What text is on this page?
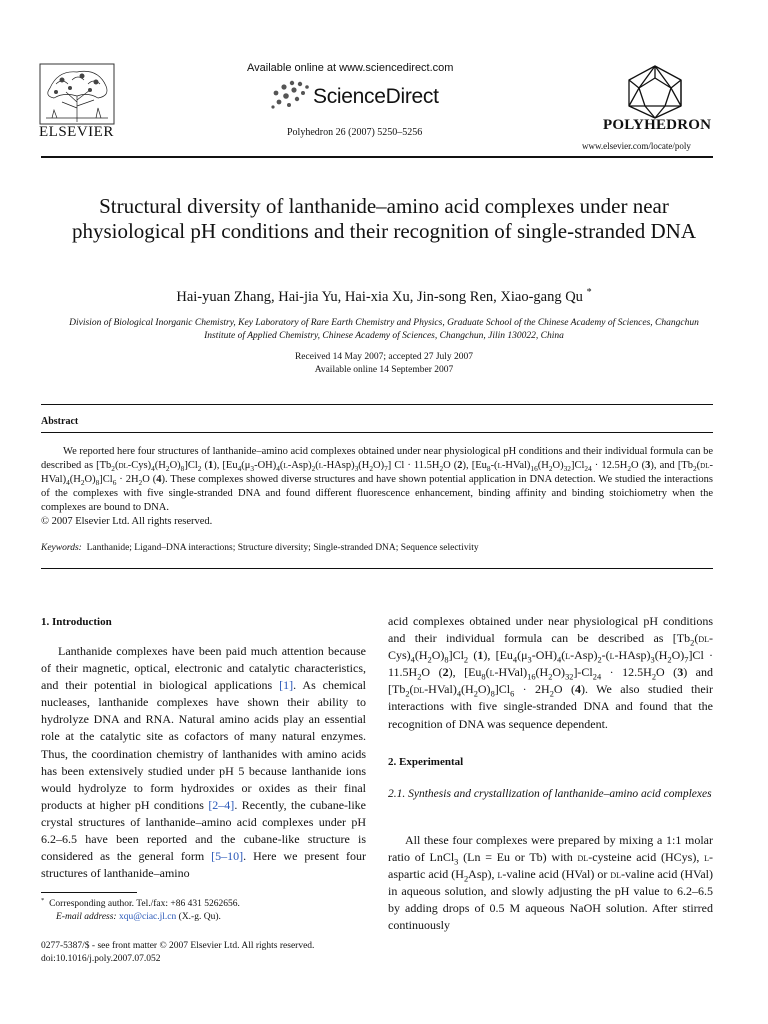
ELSEVIER
Available online at www.sciencedirect.com
ScienceDirect
Polyhedron 26 (2007) 5250–5256	POLYHEDRON
www.elsevier.com/locate/poly
Structural diversity of lanthanide–amino acid complexes under near physiological pH conditions and their recognition of single-stranded DNA
Hai-yuan Zhang, Hai-jia Yu, Hai-xia Xu, Jin-song Ren, Xiao-gang Qu *
Division of Biological Inorganic Chemistry, Key Laboratory of Rare Earth Chemistry and Physics, Graduate School of the Chinese Academy of Sciences, Changchun Institute of Applied Chemistry, Chinese Academy of Sciences, Changchun, Jilin 130022, China
Received 14 May 2007; accepted 27 July 2007
Available online 14 September 2007
Abstract
We reported here four structures of lanthanide–amino acid complexes obtained under near physiological pH conditions and their individual formula can be described as $[Tb_2(dl-Cys)_4(H_2O)_8]Cl_2$ (1), $[Eu_4(\mu_3-OH)_4(l-Asp)_2(l-HAsp)_3(H_2O)_7] Cl \cdot 11.5H_2O$ (2), $[Eu_8-(l-HVal)_{16}(H_2O)_{32}]Cl_{24} \cdot 12.5H_2O$ (3), and $[Tb_2(dl-HVal)_4(H_2O)_8]Cl_6 \cdot 2H_2O$ (4). These complexes showed diverse structures and have shown potential application in DNA detection. We studied the interactions of the complexes with five single-stranded DNA and found different fluorescence enhancement, binding affinity and binding stoichiometry when the complexes are bound to DNA.
© 2007 Elsevier Ltd. All rights reserved.
Keywords: Lanthanide; Ligand–DNA interactions; Structure diversity; Single-stranded DNA; Sequence selectivity
1. Introduction
Lanthanide complexes have been paid much attention because of their magnetic, optical, electronic and catalytic characteristics, and their potential in biological applications [1]. As chemical nucleases, lanthanide complexes have shown their ability to hydrolyze DNA and RNA. Natural amino acids play an essential role at the catalytic site as cofactors of many natural enzymes. Thus, the coordination chemistry of lanthanides with amino acids has been extensively studied under pH 5 because lanthanide ions would hydrolyze to form hydroxides or oxides as their final products at higher pH conditions [2–4]. Recently, the cubane-like crystal structures of lanthanide–amino acid complexes under pH 6.2–6.5 have been reported and the cubane-like structure is considered as the general form [5–10]. Here we present four structures of lanthanide–amino
* Corresponding author. Tel./fax: +86 431 5262656.
E-mail address: xqu@ciac.jl.cn (X.-g. Qu).
0277-5387/$ - see front matter © 2007 Elsevier Ltd. All rights reserved.
doi:10.1016/j.poly.2007.07.052
acid complexes obtained under near physiological pH conditions and their individual formula can be described as $[Tb_2(dl-Cys)_4(H_2O)_8]Cl_2$ (1), $[Eu_4(\mu_3-OH)_4(l-Asp)_2-(l-HAsp)_3(H_2O)_7]Cl \cdot 11.5H_2O$ (2), $[Eu_8(l-HVal)_{16}(H_2O)_{32}]-Cl_{24} \cdot 12.5H_2O$ (3) and $[Tb_2(dl-HVal)_4(H_2O)_8]Cl_6 \cdot 2H_2O$ (4). We also studied their interactions with five single-stranded DNA and found that the recognition of DNA was sequence dependent.
2. Experimental
2.1. Synthesis and crystallization of lanthanide–amino acid complexes
All these four complexes were prepared by mixing a 1:1 molar ratio of LnCl$_3$ (Ln = Eu or Tb) with dl-cysteine acid (HCys), l-aspartic acid $(H_2Asp)$, l-valine acid (HVal) or dl-valine acid (HVal) in aqueous solution, and slowly adjusting the pH value to 6.2–6.5 by adding drops of 0.5 M aqueous NaOH solution. After stirred continuously
